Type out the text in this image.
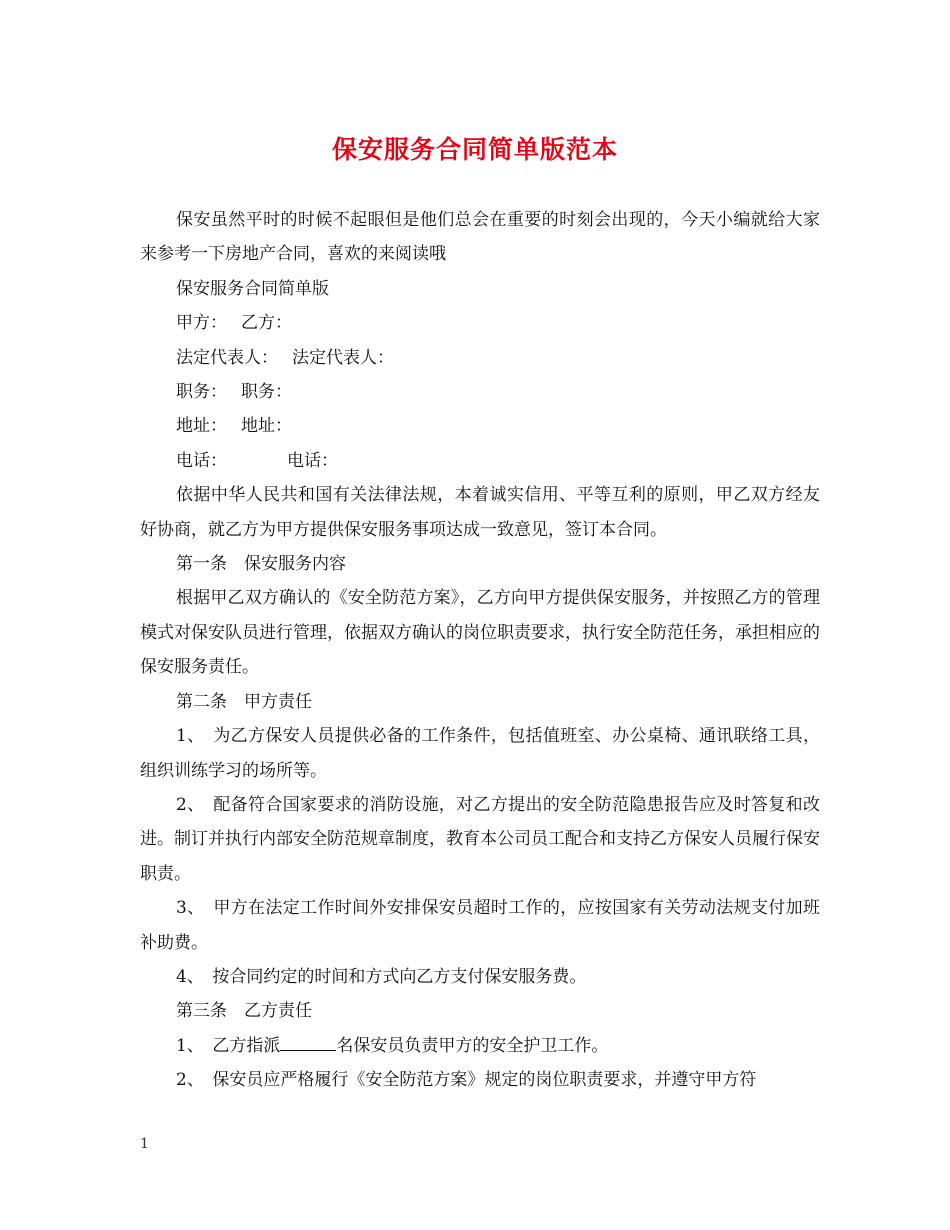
保安服务合同简单版范本

保安虽然平时的时候不起眼但是他们总会在重要的时刻会出现的，今天小编就给大家来参考一下房地产合同，喜欢的来阅读哦

保安服务合同简单版

甲方： 乙方：

法定代表人： 法定代表人：

职务： 职务：

地址： 地址：

电话：	电话：

依据中华人民共和国有关法律法规，本着诚实信用、平等互利的原则，甲乙双方经友好协商，就乙方为甲方提供保安服务事项达成一致意见，签订本合同。

第一条　保安服务内容

根据甲乙双方确认的《安全防范方案》，乙方向甲方提供保安服务，并按照乙方的管理模式对保安队员进行管理，依据双方确认的岗位职责要求，执行安全防范任务，承担相应的保安服务责任。

第二条　甲方责任

1、　为乙方保安人员提供必备的工作条件，包括值班室、办公桌椅、通讯联络工具，组织训练学习的场所等。

2、　配备符合国家要求的消防设施，对乙方提出的安全防范隐患报告应及时答复和改进。制订并执行内部安全防范规章制度，教育本公司员工配合和支持乙方保安人员履行保安职责。

3、　甲方在法定工作时间外安排保安员超时工作的，应按国家有关劳动法规支付加班补助费。

4、　按合同约定的时间和方式向乙方支付保安服务费。

第三条　乙方责任

1、　乙方指派	名保安员负责甲方的安全护卫工作。

2、　保安员应严格履行《安全防范方案》规定的岗位职责要求，并遵守甲方符

1
